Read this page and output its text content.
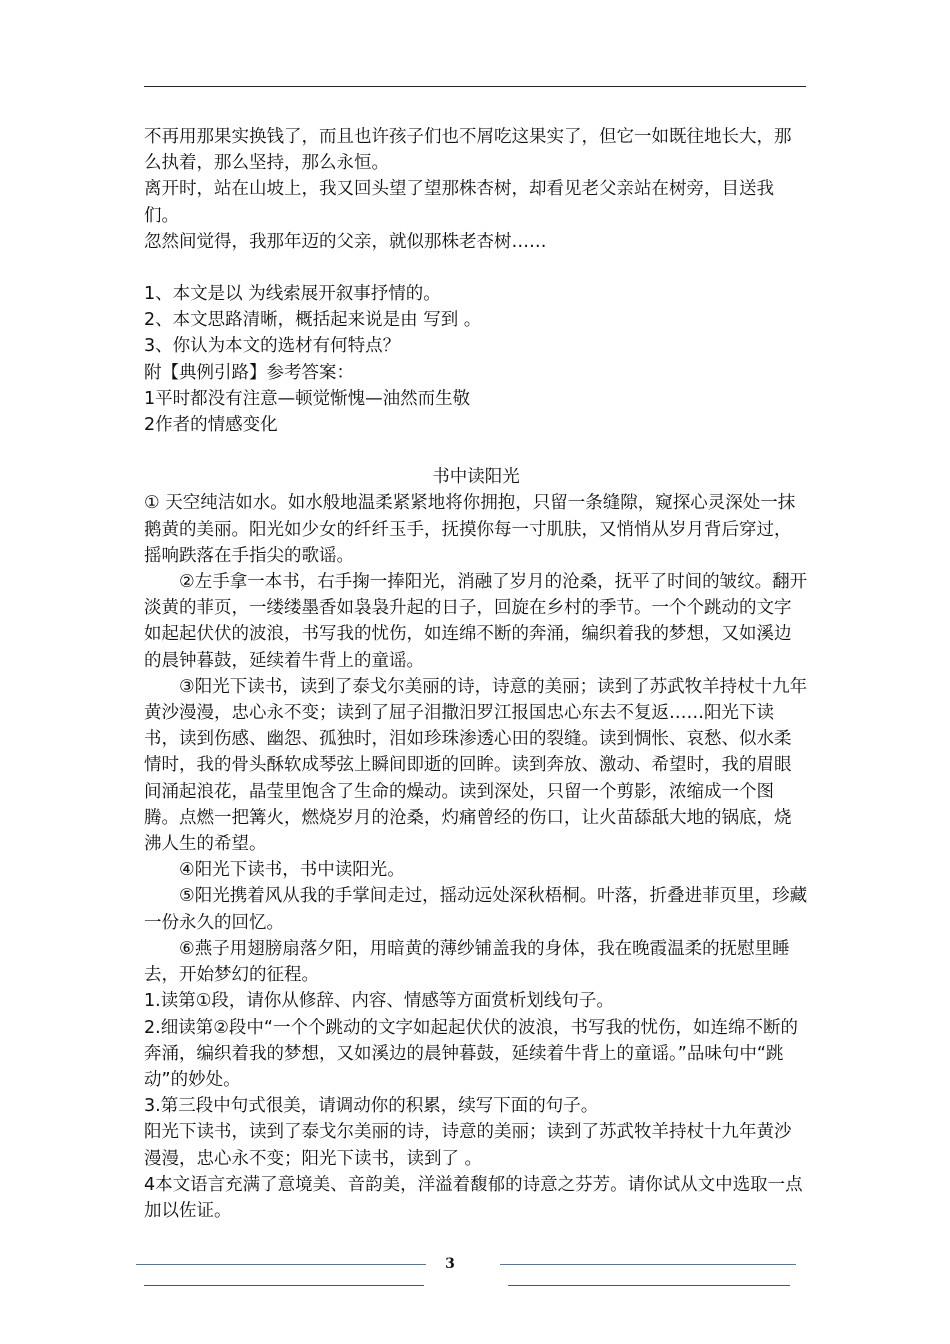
不再用那果实换钱了，而且也许孩子们也不屑吃这果实了，但它一如既往地长大，那么执着，那么坚持，那么永恒。

离开时，站在山坡上，我又回头望了望那株杏树，却看见老父亲站在树旁，目送我们。

忽然间觉得，我那年迈的父亲，就似那株老杏树……

1、本文是以 为线索展开叙事抒情的。

2、本文思路清晰，概括起来说是由 写到 。

3、你认为本文的选材有何特点？

附【典例引路】参考答案：

1平时都没有注意—顿觉惭愧—油然而生敬

2作者的情感变化

书中读阳光

① 天空纯洁如水。如水般地温柔紧紧地将你拥抱，只留一条缝隙，窥探心灵深处一抹鹅黄的美丽。阳光如少女的纤纤玉手，抚摸你每一寸肌肤，又悄悄从岁月背后穿过，摇响跌落在手指尖的歌谣。

②左手拿一本书，右手掬一捧阳光，消融了岁月的沧桑，抚平了时间的皱纹。翻开淡黄的菲页，一缕缕墨香如袅袅升起的日子，回旋在乡村的季节。一个个跳动的文字如起起伏伏的波浪，书写我的忧伤，如连绵不断的奔涌，编织着我的梦想，又如溪边的晨钟暮鼓，延续着牛背上的童谣。

③阳光下读书，读到了泰戈尔美丽的诗，诗意的美丽；读到了苏武牧羊持杖十九年黄沙漫漫，忠心永不变；读到了屈子泪撒汨罗江报国忠心东去不复返……阳光下读书，读到伤感、幽怨、孤独时，泪如珍珠渗透心田的裂缝。读到惆怅、哀愁、似水柔情时，我的骨头酥软成琴弦上瞬间即逝的回眸。读到奔放、激动、希望时，我的眉眼间涌起浪花，晶莹里饱含了生命的燥动。读到深处，只留一个剪影，浓缩成一个图腾。点燃一把篝火，燃烧岁月的沧桑，灼痛曾经的伤口，让火苗舔舐大地的锅底，烧沸人生的希望。

④阳光下读书，书中读阳光。

⑤阳光携着风从我的手掌间走过，摇动远处深秋梧桐。叶落，折叠进菲页里，珍藏一份永久的回忆。

⑥燕子用翅膀扇落夕阳，用暗黄的薄纱铺盖我的身体，我在晚霞温柔的抚慰里睡去，开始梦幻的征程。

1.读第①段，请你从修辞、内容、情感等方面赏析划线句子。

2.细读第②段中“一个个跳动的文字如起起伏伏的波浪，书写我的忧伤，如连绵不断的奔涌，编织着我的梦想，又如溪边的晨钟暮鼓，延续着牛背上的童谣。”品味句中“跳动”的妙处。

3.第三段中句式很美，请调动你的积累，续写下面的句子。

阳光下读书，读到了泰戈尔美丽的诗，诗意的美丽；读到了苏武牧羊持杖十九年黄沙漫漫，忠心永不变；阳光下读书，读到了 。

4本文语言充满了意境美、音韵美，洋溢着馥郁的诗意之芬芳。请你试从文中选取一点加以佐证。

3
